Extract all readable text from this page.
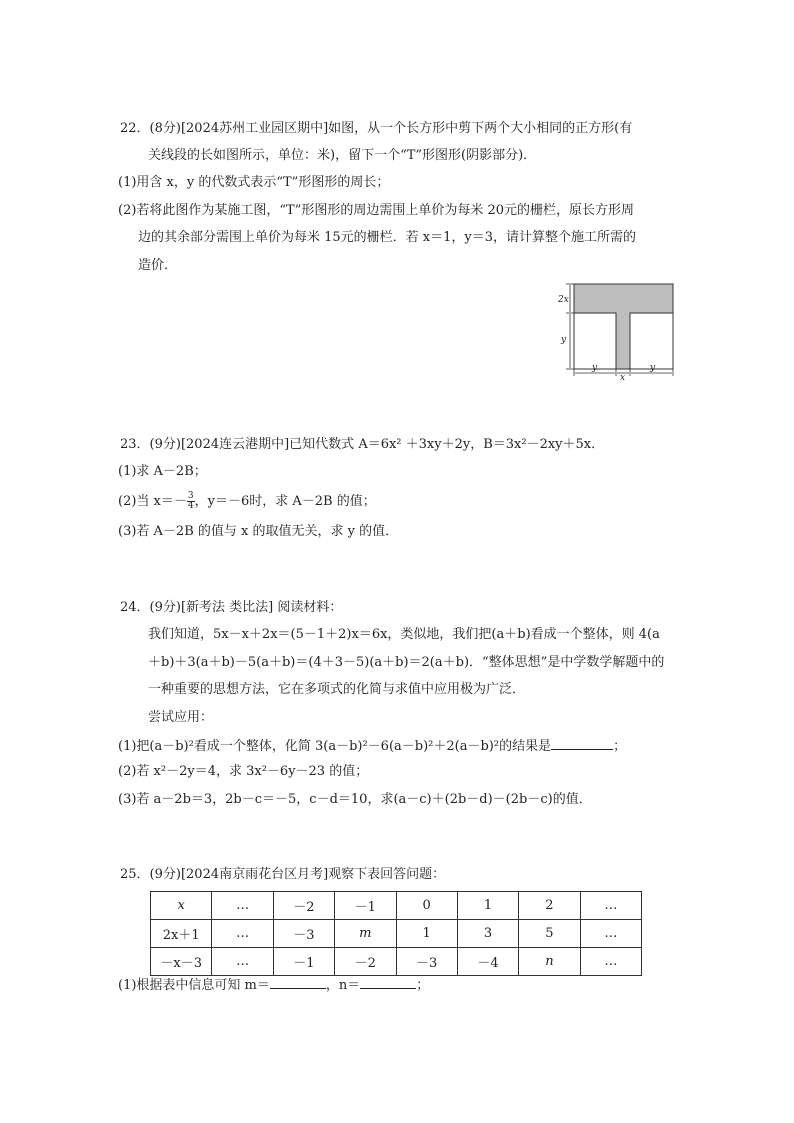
22．(8分)[2024苏州工业园区期中]如图，从一个长方形中剪下两个大小相同的正方形(有
关线段的长如图所示，单位：米)，留下一个“T”形图形(阴影部分)．
(1)用含 x，y 的代数式表示“T”形图形的周长；
(2)若将此图作为某施工图，“T”形图形的周边需围上单价为每米 20元的栅栏，原长方形周
边的其余部分需围上单价为每米 15元的栅栏．若 x＝1，y＝3，请计算整个施工所需的
造价．
2x
y
y
x
y
23．(9分)[2024连云港期中]已知代数式 A＝6x² ＋3xy＋2y，B＝3x²－2xy＋5x．
(1)求 A－2B；
(2)当 $x=- \frac{3}{4}$ ，y＝－6时，求 A－2B 的值；
(3)若 A－2B 的值与 x 的取值无关，求 y 的值．
24．(9分)[新考法 类比法] 阅读材料：
我们知道，5x－x＋2x＝(5－1＋2)x＝6x，类似地，我们把(a＋b)看成一个整体，则 4(a
＋b)＋3(a＋b)－5(a＋b)＝(4＋3－5)(a＋b)＝2(a＋b)．“整体思想”是中学数学解题中的
一种重要的思想方法，它在多项式的化简与求值中应用极为广泛．
尝试应用：
(1)把(a－b)²看成一个整体，化简 3(a－b)²－6(a－b)²＋2(a－b)²的结果是	；
(2)若 x²－2y＝4，求 3x²－6y－23 的值；
(3)若 a－2b＝3，2b－c＝－5，c－d＝10，求(a－c)＋(2b－d)－(2b－c)的值．
25．(9分)[2024南京雨花台区月考]观察下表回答问题：
x	…	－2	－1	0	1	2	…
2x＋1	…	－3	m	1	3	5	…
－x－3	…	－1	－2	－3	－4	n	…
(1)根据表中信息可知 m＝	，n＝	；
